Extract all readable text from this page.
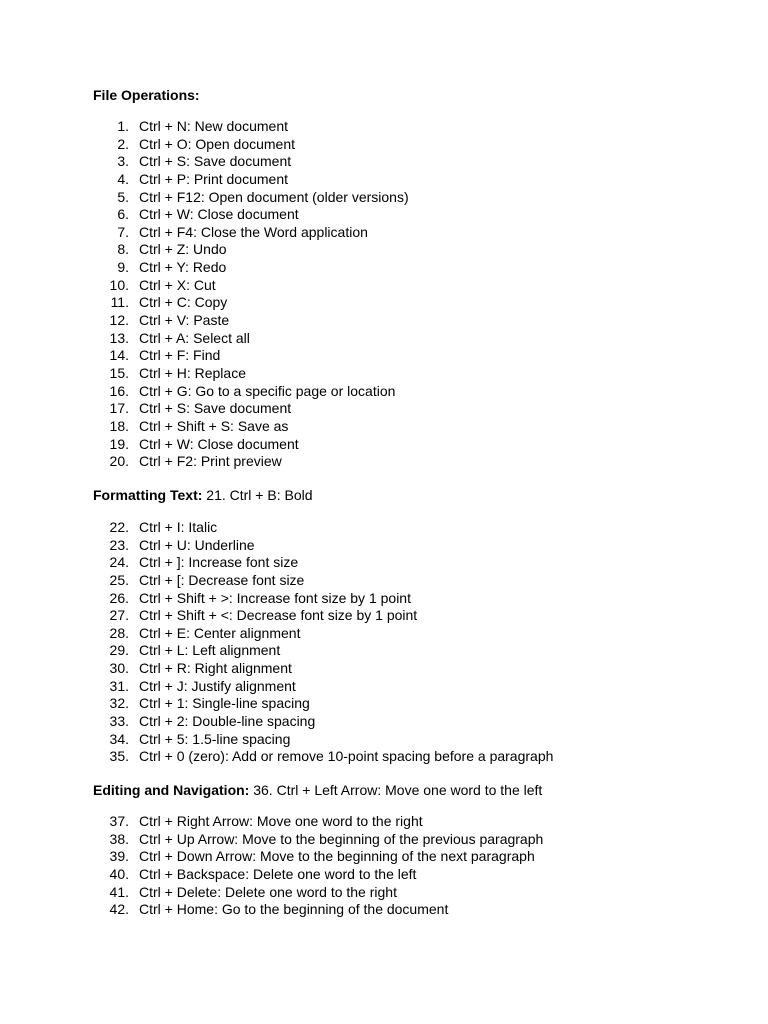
File Operations:
1. Ctrl + N: New document
2. Ctrl + O: Open document
3. Ctrl + S: Save document
4. Ctrl + P: Print document
5. Ctrl + F12: Open document (older versions)
6. Ctrl + W: Close document
7. Ctrl + F4: Close the Word application
8. Ctrl + Z: Undo
9. Ctrl + Y: Redo
10. Ctrl + X: Cut
11. Ctrl + C: Copy
12. Ctrl + V: Paste
13. Ctrl + A: Select all
14. Ctrl + F: Find
15. Ctrl + H: Replace
16. Ctrl + G: Go to a specific page or location
17. Ctrl + S: Save document
18. Ctrl + Shift + S: Save as
19. Ctrl + W: Close document
20. Ctrl + F2: Print preview
Formatting Text: 21. Ctrl + B: Bold
22. Ctrl + I: Italic
23. Ctrl + U: Underline
24. Ctrl + ]: Increase font size
25. Ctrl + [: Decrease font size
26. Ctrl + Shift + >: Increase font size by 1 point
27. Ctrl + Shift + <: Decrease font size by 1 point
28. Ctrl + E: Center alignment
29. Ctrl + L: Left alignment
30. Ctrl + R: Right alignment
31. Ctrl + J: Justify alignment
32. Ctrl + 1: Single-line spacing
33. Ctrl + 2: Double-line spacing
34. Ctrl + 5: 1.5-line spacing
35. Ctrl + 0 (zero): Add or remove 10-point spacing before a paragraph
Editing and Navigation: 36. Ctrl + Left Arrow: Move one word to the left
37. Ctrl + Right Arrow: Move one word to the right
38. Ctrl + Up Arrow: Move to the beginning of the previous paragraph
39. Ctrl + Down Arrow: Move to the beginning of the next paragraph
40. Ctrl + Backspace: Delete one word to the left
41. Ctrl + Delete: Delete one word to the right
42. Ctrl + Home: Go to the beginning of the document
